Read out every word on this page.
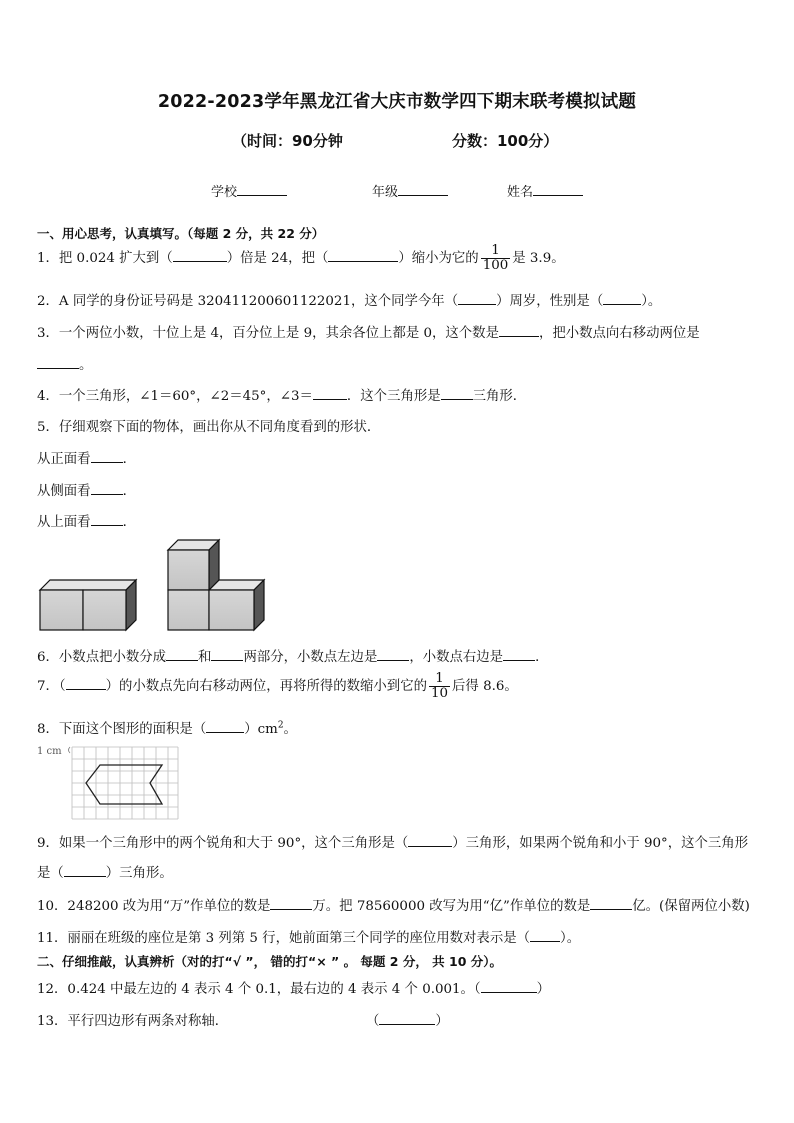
2022-2023学年黑龙江省大庆市数学四下期末联考模拟试题
（时间：90分钟	分数：100分）
学校	年级	姓名
一、用心思考，认真填写。（每题 2 分，共 22 分）
1．把 0.024 扩大到（	）倍是 24，把（	）缩小为它的 $\frac{1}{100}$ 是 3.9。
2．A 同学的身份证号码是 320411200601122021，这个同学今年（	）周岁，性别是（	）。
3．一个两位小数，十位上是 4，百分位上是 9，其余各位上都是 0，这个数是	，把小数点向右移动两位是
。
4．一个三角形，∠1＝60°，∠2＝45°，∠3＝	．这个三角形是 三角形．
5．仔细观察下面的物体，画出你从不同角度看到的形状．
从正面看 ．
从侧面看 ．
从上面看 ．
6．小数点把小数分成 和 两部分，小数点左边是 ，小数点右边是 ．
7．（	）的小数点先向右移动两位，再将所得的数缩小到它的 $\frac{1}{10}$ 后得 8.6。
8．下面这个图形的面积是（	）$cm^2$。
1 cm
9．如果一个三角形中的两个锐角和大于 90°，这个三角形是（	）三角形，如果两个锐角和小于 90°，这个三角形
是（	）三角形。
10．248200 改为用“万”作单位的数是	万。把 78560000 改写为用“亿”作单位的数是	亿。(保留两位小数)
11．丽丽在班级的座位是第 3 列第 5 行，她前面第三个同学的座位用数对表示是（ ）。
二、仔细推敲，认真辨析（对的打“√ ”， 错的打“× ” 。 每题 2 分， 共 10 分）。
12．0.424 中最左边的 4 表示 4 个 0.1，最右边的 4 表示 4 个 0.001。（	）
13．平行四边形有两条对称轴．	（	）
